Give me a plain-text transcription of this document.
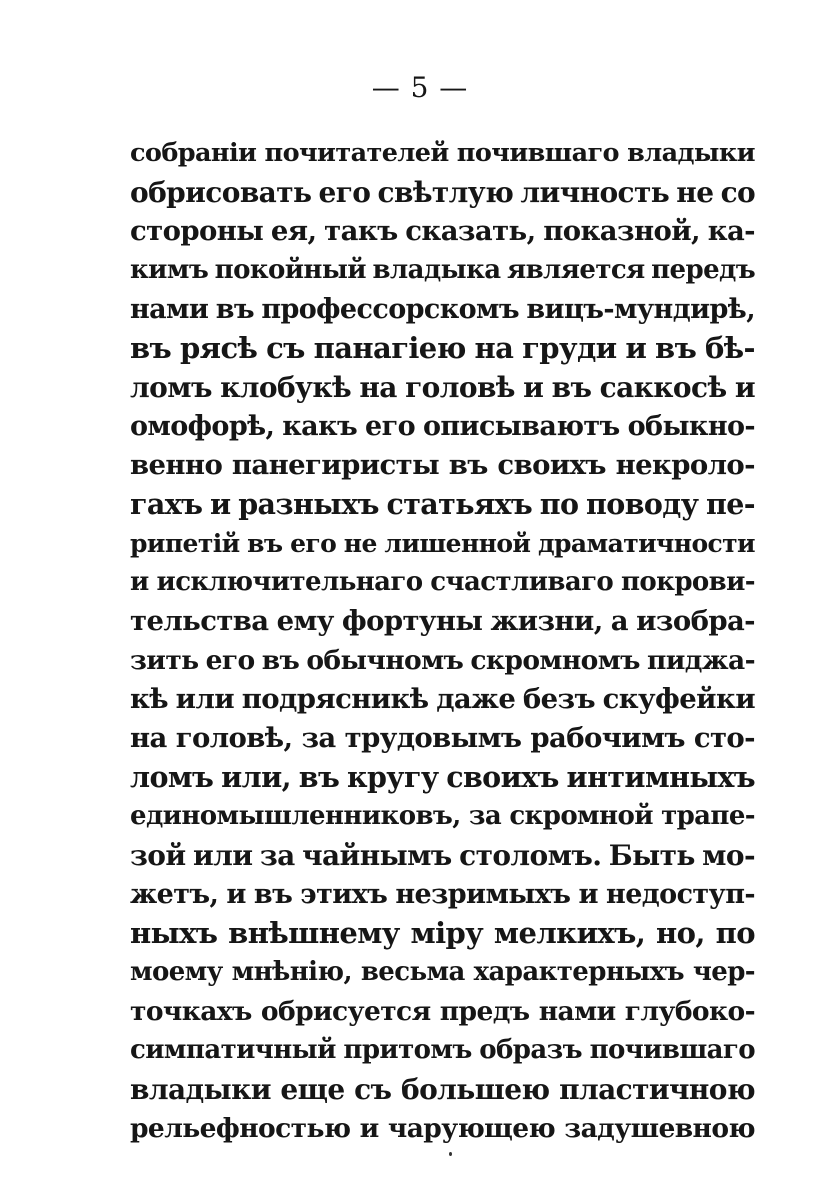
— 5 —
собранiи почитателей почившаго владыки
обрисовать его свѣтлую личность не со
стороны ея, такъ сказать, показной, ка-
кимъ покойный владыка является передъ
нами въ профессорскомъ вицъ-мундирѣ,
въ рясѣ съ панагiею на груди и въ бѣ-
ломъ клобукѣ на головѣ и въ саккосѣ и
омофорѣ, какъ его описываютъ обыкно-
венно панегиристы въ своихъ некроло-
гахъ и разныхъ статьяхъ по поводу пе-
рипетiй въ его не лишенной драматичности
и исключительнаго счастливаго покрови-
тельства ему фортуны жизни, а изобра-
зить его въ обычномъ скромномъ пиджа-
кѣ или подрясникѣ даже безъ скуфейки
на головѣ, за трудовымъ рабочимъ сто-
ломъ или, въ кругу своихъ интимныхъ
единомышленниковъ, за скромной трапе-
зой или за чайнымъ столомъ. Быть мо-
жетъ, и въ этихъ незримыхъ и недоступ-
ныхъ внѣшнему мiру мелкихъ, но, по
моему мнѣнiю, весьма характерныхъ чер-
точкахъ обрисуется предъ нами глубоко-
симпатичный притомъ образъ почившаго
владыки еще съ большею пластичною
рельефностью и чарующею задушевною
